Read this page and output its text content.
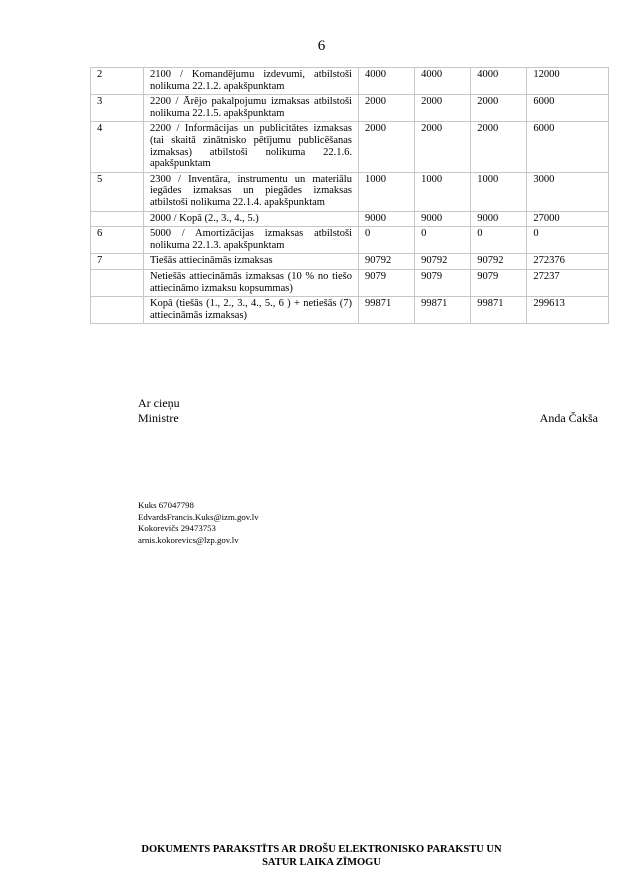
6
2	2100 / Komandējumu izdevumi, atbilstoši nolikuma 22.1.2. apakšpunktam	4000	4000	4000	12000
3	2200 / Ārējo pakalpojumu izmaksas atbilstoši nolikuma 22.1.5. apakšpunktam	2000	2000	2000	6000
4	2200 / Informācijas un publicitātes izmaksas (tai skaitā zinātnisko pētījumu publicēšanas izmaksas) atbilstoši nolikuma 22.1.6. apakšpunktam	2000	2000	2000	6000
5	2300 / Inventāra, instrumentu un materiālu iegādes izmaksas un piegādes izmaksas atbilstoši nolikuma 22.1.4. apakšpunktam	1000	1000	1000	3000
	2000 / Kopā (2., 3., 4., 5.)	9000	9000	9000	27000
6	5000 / Amortizācijas izmaksas atbilstoši nolikuma 22.1.3. apakšpunktam	0	0	0	0
7	Tiešās attiecināmās izmaksas	90792	90792	90792	272376
	Netiešās attiecināmās izmaksas (10 % no tiešo attiecināmo izmaksu kopsummas)	9079	9079	9079	27237
	Kopā (tiešās (1., 2., 3., 4., 5., 6 ) + netiešās (7) attiecināmās izmaksas)	99871	99871	99871	299613
Ar cieņu
Ministre	Anda Čakša
Kuks 67047798
EdvardsFrancis.Kuks@izm.gov.lv
Kokorevičs 29473753
arnis.kokorevics@lzp.gov.lv
DOKUMENTS PARAKSTĪTS AR DROŠU ELEKTRONISKO PARAKSTU UN
SATUR LAIKA ZĪMOGU
